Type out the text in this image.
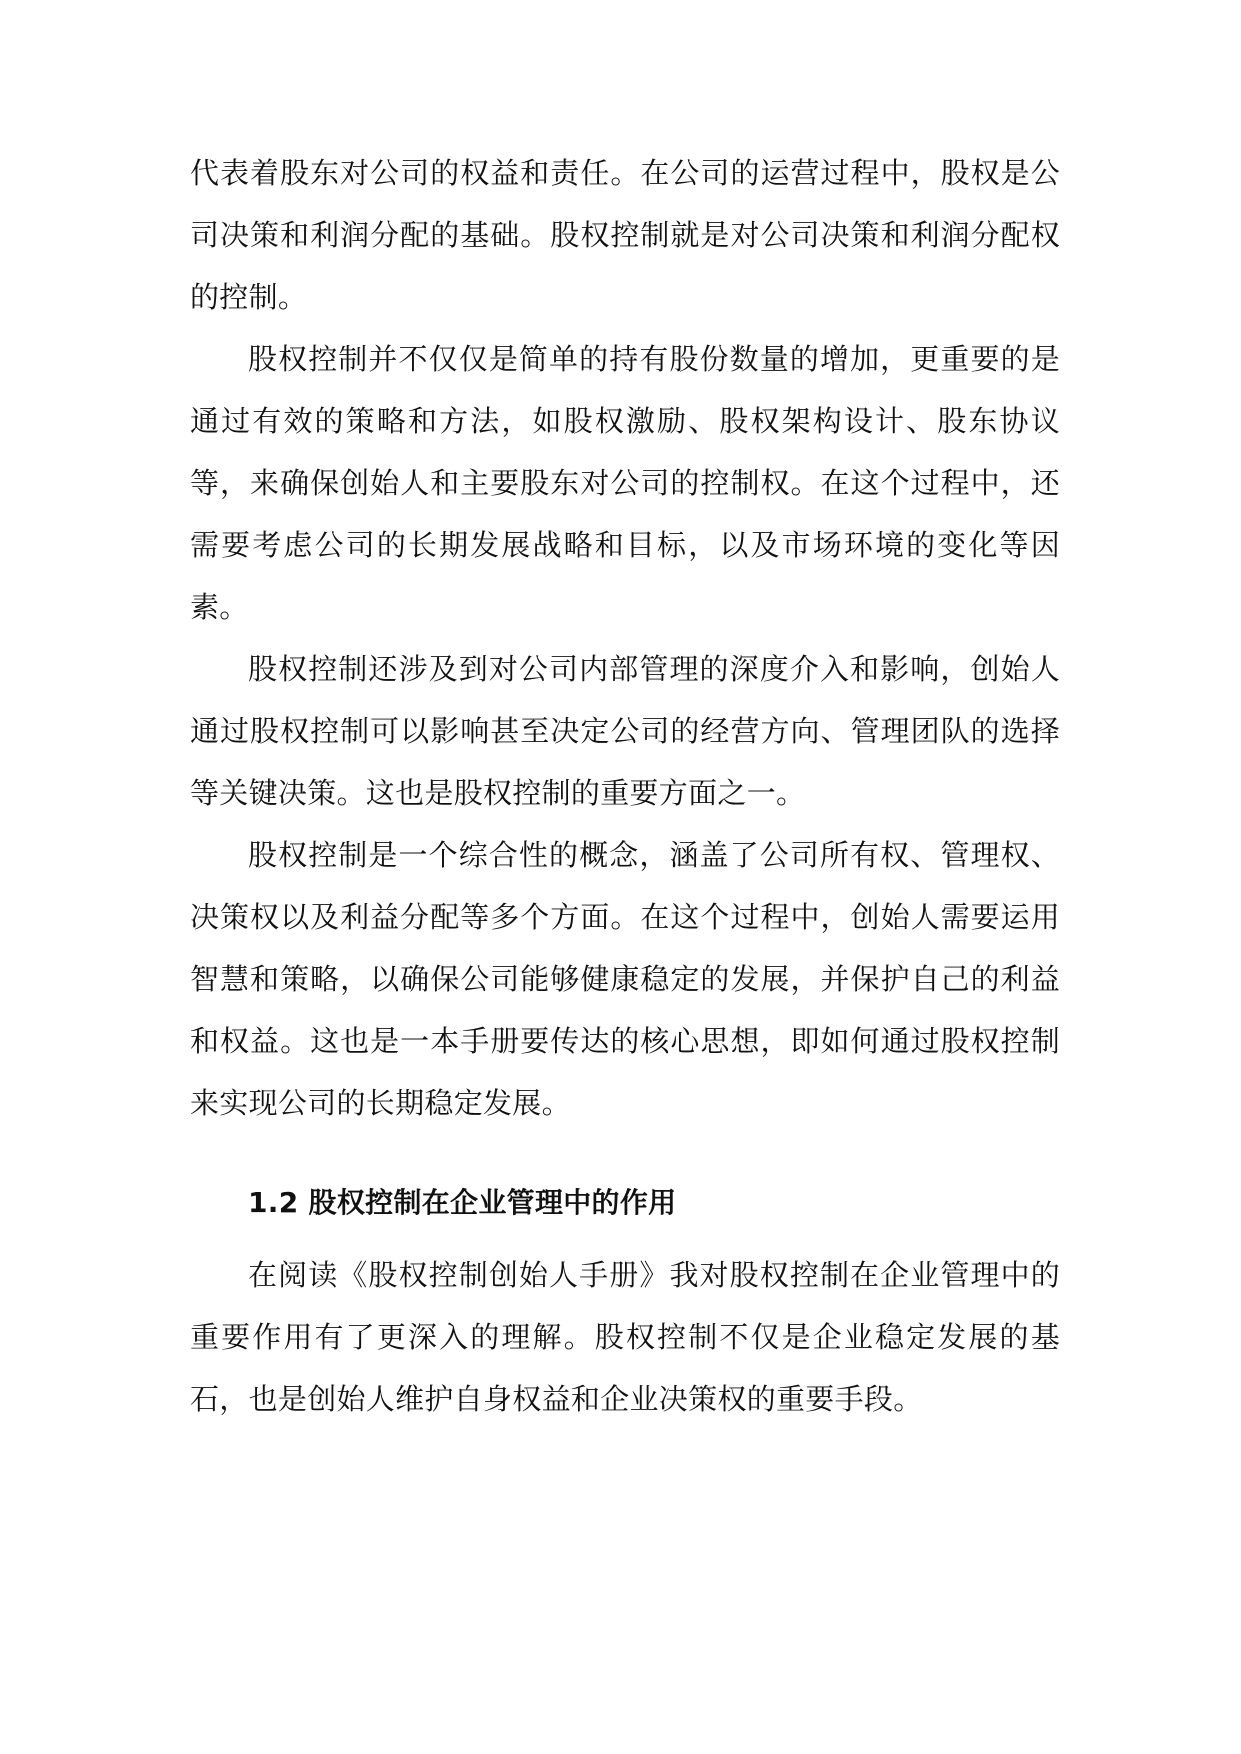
代表着股东对公司的权益和责任。在公司的运营过程中，股权是公司决策和利润分配的基础。股权控制就是对公司决策和利润分配权的控制。

股权控制并不仅仅是简单的持有股份数量的增加，更重要的是通过有效的策略和方法，如股权激励、股权架构设计、股东协议等，来确保创始人和主要股东对公司的控制权。在这个过程中，还需要考虑公司的长期发展战略和目标，以及市场环境的变化等因素。

股权控制还涉及到对公司内部管理的深度介入和影响，创始人通过股权控制可以影响甚至决定公司的经营方向、管理团队的选择等关键决策。这也是股权控制的重要方面之一。

股权控制是一个综合性的概念，涵盖了公司所有权、管理权、决策权以及利益分配等多个方面。在这个过程中，创始人需要运用智慧和策略，以确保公司能够健康稳定的发展，并保护自己的利益和权益。这也是一本手册要传达的核心思想，即如何通过股权控制来实现公司的长期稳定发展。

1.2 股权控制在企业管理中的作用

在阅读《股权控制创始人手册》我对股权控制在企业管理中的重要作用有了更深入的理解。股权控制不仅是企业稳定发展的基石，也是创始人维护自身权益和企业决策权的重要手段。
